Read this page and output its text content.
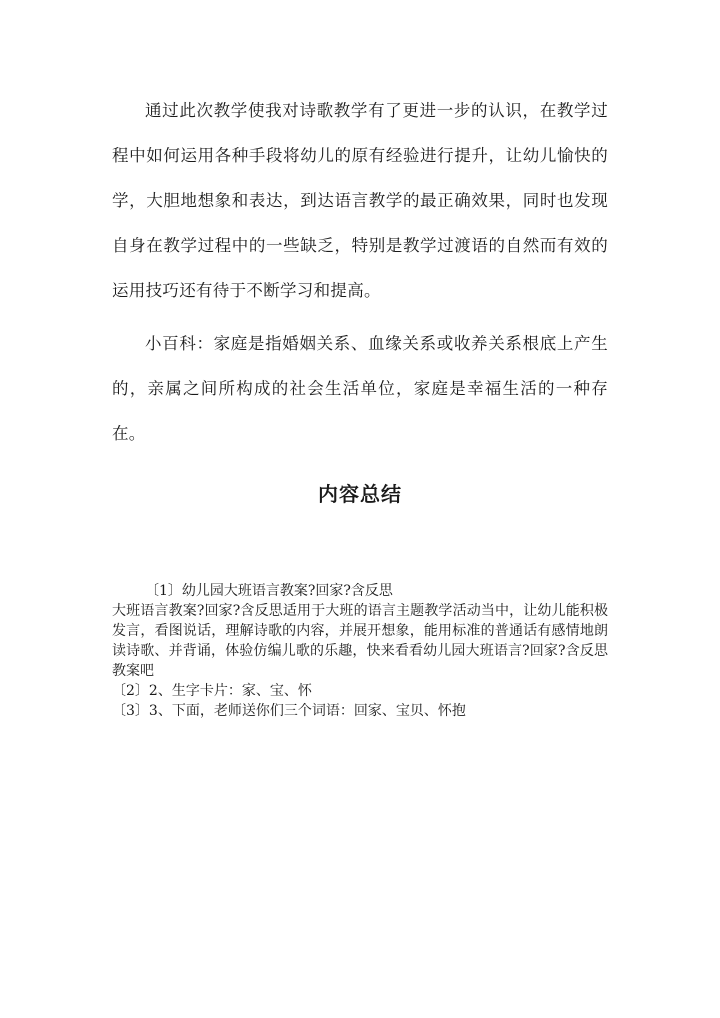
通过此次教学使我对诗歌教学有了更进一步的认识，在教学过程中如何运用各种手段将幼儿的原有经验进行提升，让幼儿愉快的学，大胆地想象和表达，到达语言教学的最正确效果，同时也发现自身在教学过程中的一些缺乏，特别是教学过渡语的自然而有效的运用技巧还有待于不断学习和提高。

小百科：家庭是指婚姻关系、血缘关系或收养关系根底上产生的，亲属之间所构成的社会生活单位，家庭是幸福生活的一种存在。

内容总结

〔1〕幼儿园大班语言教案?回家?含反思

大班语言教案?回家?含反思适用于大班的语言主题教学活动当中，让幼儿能积极发言，看图说话，理解诗歌的内容，并展开想象，能用标准的普通话有感情地朗读诗歌、并背诵，体验仿编儿歌的乐趣，快来看看幼儿园大班语言?回家?含反思教案吧

〔2〕2、生字卡片：家、宝、怀

〔3〕3、下面，老师送你们三个词语：回家、宝贝、怀抱
